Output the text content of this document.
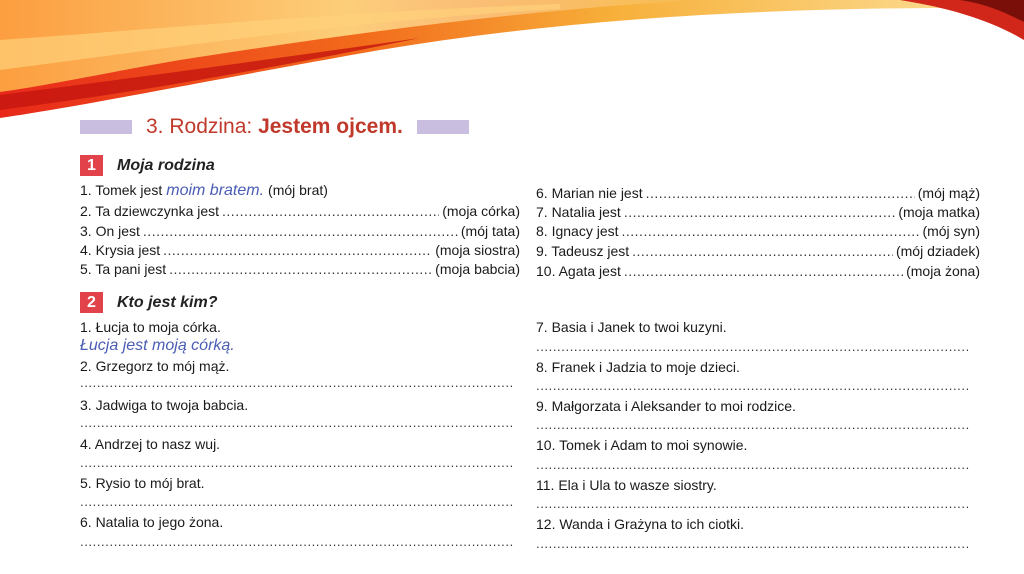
3. Rodzina: Jestem ojcem.
1	Moja rodzina
1. Tomek jest moim bratem. (mój brat)
2. Ta dziewczynka jest .....	(moja córka)
3. On jest .....	(mój tata)
4. Krysia jest .....	(moja siostra)
5. Ta pani jest .....	(moja babcia)
6. Marian nie jest .....	(mój mąż)
7. Natalia jest .....	(moja matka)
8. Ignacy jest .....	(mój syn)
9. Tadeusz jest .....	(mój dziadek)
10. Agata jest .....	(moja żona)
2	Kto jest kim?
1. Łucja to moja córka.
Łucja jest moją córką.
2. Grzegorz to mój mąż.
.....
3. Jadwiga to twoja babcia.
.....
4. Andrzej to nasz wuj.
.....
5. Rysio to mój brat.
.....
6. Natalia to jego żona.
.....
7. Basia i Janek to twoi kuzyni.
.....
8. Franek i Jadzia to moje dzieci.
.....
9. Małgorzata i Aleksander to moi rodzice.
.....
10. Tomek i Adam to moi synowie.
.....
11. Ela i Ula to wasze siostry.
.....
12. Wanda i Grażyna to ich ciotki.
.....
